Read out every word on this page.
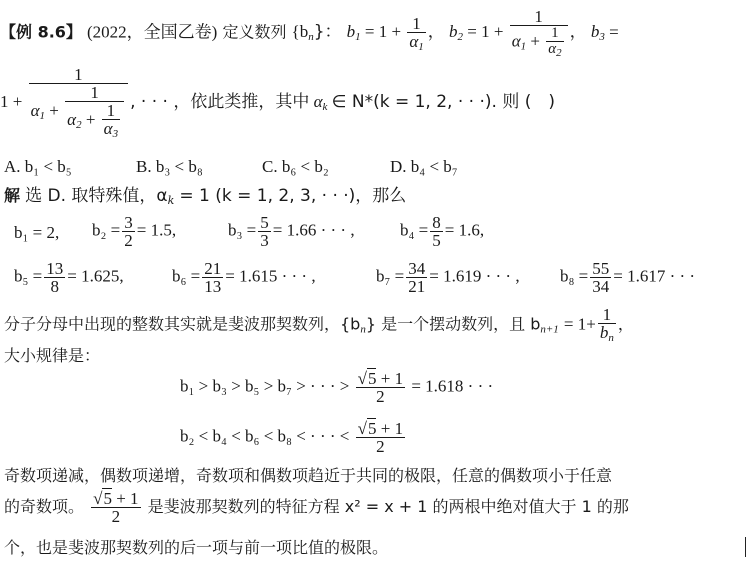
【例 8.6】 (2022，全国乙卷) 定义数列 $\{b_n\}$： $b_1 = 1 + \frac{1}{\alpha_1}$ ， $b_2 = 1 + \frac{1}{\alpha_1 + \frac{1}{\alpha_2}}$ ， $b_3$ =
$1 + \frac{1}{\alpha_1 + \frac{1}{\alpha_2 + \frac{1}{\alpha_3}}}$ , · · · ，依此类推，其中 $\alpha_k$ ∈ N*(k = 1, 2, · · ·). 则 (　)
A. b₁ < b₅	B. b₃ < b₈	C. b₆ < b₂	D. b₄ < b₇
解 选 D. 取特殊值，$\alpha_k = 1$ (k = 1, 2, 3, · · ·)，那么
b₁ = 2, $b_2 = \frac{3}{2} = 1.5$,	$b_3 = \frac{5}{3} = 1.66$ · · · ,	$b_4 = \frac{8}{5} = 1.6$,
$b_5 = \frac{13}{8} = 1.625$,	$b_6 = \frac{21}{13} = 1.615$ · · · ,	$b_7 = \frac{34}{21} = 1.619$ · · · , $b_8 = \frac{55}{34} = 1.617$ · · ·
分子分母中出现的整数其实就是斐波那契数列，$\{b_n\}$ 是一个摆动数列，且 $b_{n+1} = 1+ \frac{1}{b_n}$ ，
大小规律是：
b₁ > b₃ > b₅ > b₇ > · · · > $\frac{√5 + 1}{2} = 1.618$ · · ·
b₂ < b₄ < b₆ < b₈ < · · · < $\frac{√5 + 1}{2}$
奇数项递减，偶数项递增，奇数项和偶数项趋近于共同的极限，任意的偶数项小于任意
的奇数项。 $\frac{√5 + 1}{2}$ 是斐波那契数列的特征方程 x² = x + 1 的两根中绝对值大于 1 的那
个，也是斐波那契数列的后一项与前一项比值的极限。
